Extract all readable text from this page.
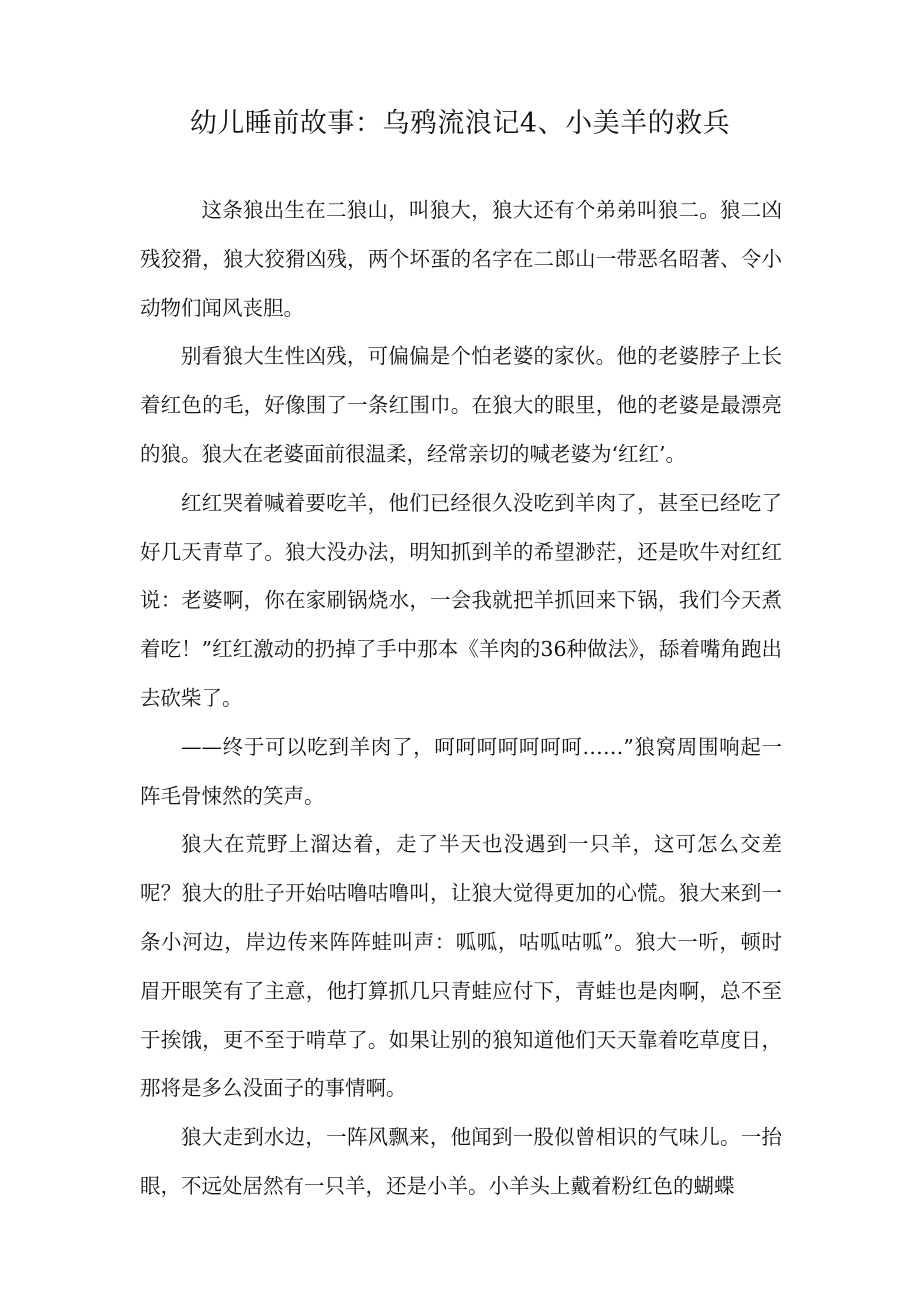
幼儿睡前故事：乌鸦流浪记4、小美羊的救兵

这条狼出生在二狼山，叫狼大，狼大还有个弟弟叫狼二。狼二凶残狡猾，狼大狡猾凶残，两个坏蛋的名字在二郎山一带恶名昭著、令小动物们闻风丧胆。

别看狼大生性凶残，可偏偏是个怕老婆的家伙。他的老婆脖子上长着红色的毛，好像围了一条红围巾。在狼大的眼里，他的老婆是最漂亮的狼。狼大在老婆面前很温柔，经常亲切的喊老婆为‘红红’。

红红哭着喊着要吃羊，他们已经很久没吃到羊肉了，甚至已经吃了好几天青草了。狼大没办法，明知抓到羊的希望渺茫，还是吹牛对红红说：老婆啊，你在家刷锅烧水，一会我就把羊抓回来下锅，我们今天煮着吃！”红红激动的扔掉了手中那本《羊肉的36种做法》，舔着嘴角跑出去砍柴了。

——终于可以吃到羊肉了，呵呵呵呵呵呵呵……”狼窝周围响起一阵毛骨悚然的笑声。

狼大在荒野上溜达着，走了半天也没遇到一只羊，这可怎么交差呢？狼大的肚子开始咕噜咕噜叫，让狼大觉得更加的心慌。狼大来到一条小河边，岸边传来阵阵蛙叫声：呱呱，咕呱咕呱”。狼大一听，顿时眉开眼笑有了主意，他打算抓几只青蛙应付下，青蛙也是肉啊，总不至于挨饿，更不至于啃草了。如果让别的狼知道他们天天靠着吃草度日，那将是多么没面子的事情啊。

狼大走到水边，一阵风飘来，他闻到一股似曾相识的气味儿。一抬眼，不远处居然有一只羊，还是小羊。小羊头上戴着粉红色的蝴蝶
